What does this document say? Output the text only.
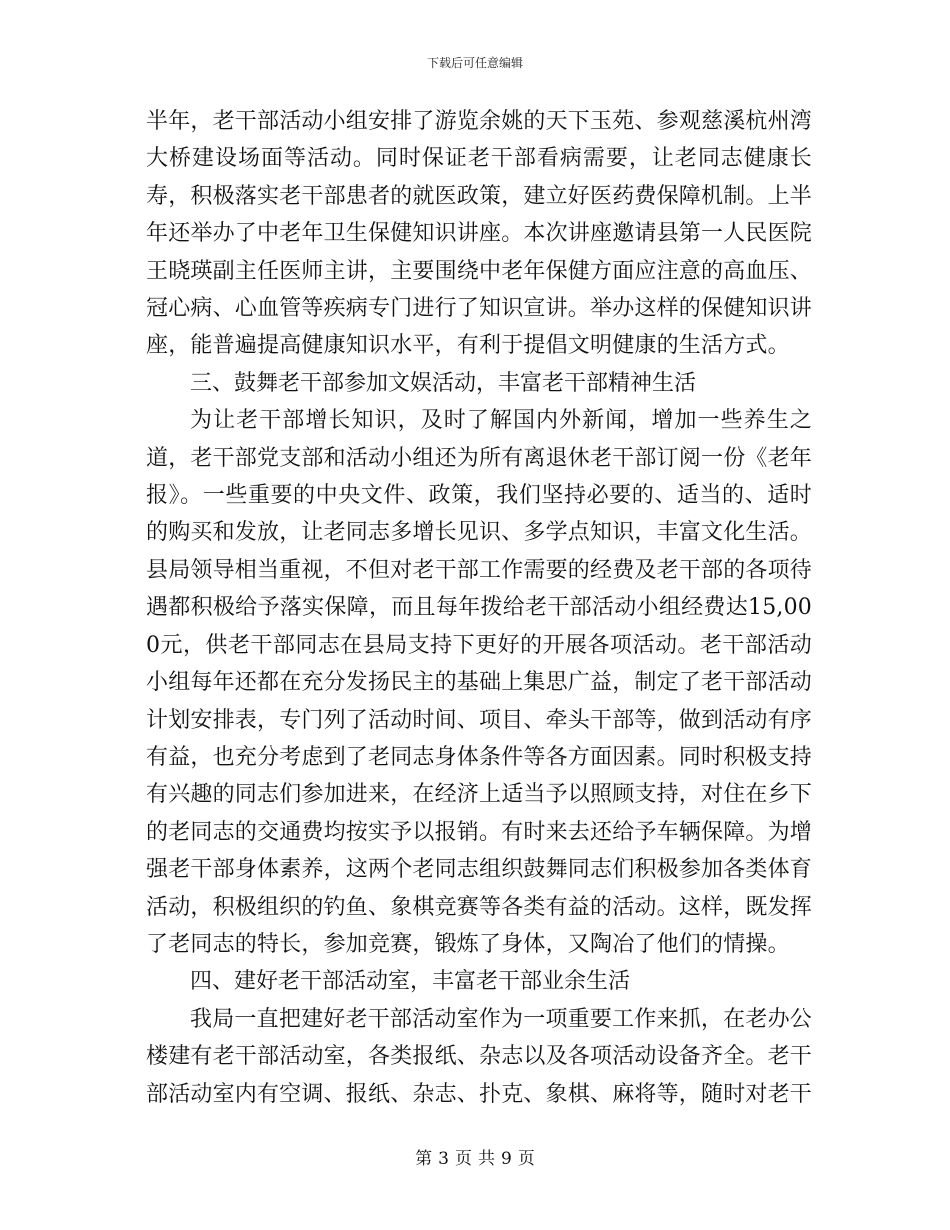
下载后可任意编辑

半年，老干部活动小组安排了游览余姚的天下玉苑、参观慈溪杭州湾大桥建设场面等活动。同时保证老干部看病需要，让老同志健康长寿，积极落实老干部患者的就医政策，建立好医药费保障机制。上半年还举办了中老年卫生保健知识讲座。本次讲座邀请县第一人民医院王晓瑛副主任医师主讲，主要围绕中老年保健方面应注意的高血压、冠心病、心血管等疾病专门进行了知识宣讲。举办这样的保健知识讲座，能普遍提高健康知识水平，有利于提倡文明健康的生活方式。

三、鼓舞老干部参加文娱活动，丰富老干部精神生活

为让老干部增长知识，及时了解国内外新闻，增加一些养生之道，老干部党支部和活动小组还为所有离退休老干部订阅一份《老年报》。一些重要的中央文件、政策，我们坚持必要的、适当的、适时的购买和发放，让老同志多增长见识、多学点知识，丰富文化生活。县局领导相当重视，不但对老干部工作需要的经费及老干部的各项待遇都积极给予落实保障，而且每年拨给老干部活动小组经费达15,000元，供老干部同志在县局支持下更好的开展各项活动。老干部活动小组每年还都在充分发扬民主的基础上集思广益，制定了老干部活动计划安排表，专门列了活动时间、项目、牵头干部等，做到活动有序有益，也充分考虑到了老同志身体条件等各方面因素。同时积极支持有兴趣的同志们参加进来，在经济上适当予以照顾支持，对住在乡下的老同志的交通费均按实予以报销。有时来去还给予车辆保障。为增强老干部身体素养，这两个老同志组织鼓舞同志们积极参加各类体育活动，积极组织的钓鱼、象棋竞赛等各类有益的活动。这样，既发挥了老同志的特长，参加竞赛，锻炼了身体，又陶冶了他们的情操。

四、建好老干部活动室，丰富老干部业余生活

我局一直把建好老干部活动室作为一项重要工作来抓，在老办公楼建有老干部活动室，各类报纸、杂志以及各项活动设备齐全。老干部活动室内有空调、报纸、杂志、扑克、象棋、麻将等，随时对老干

第 3 页 共 9 页
